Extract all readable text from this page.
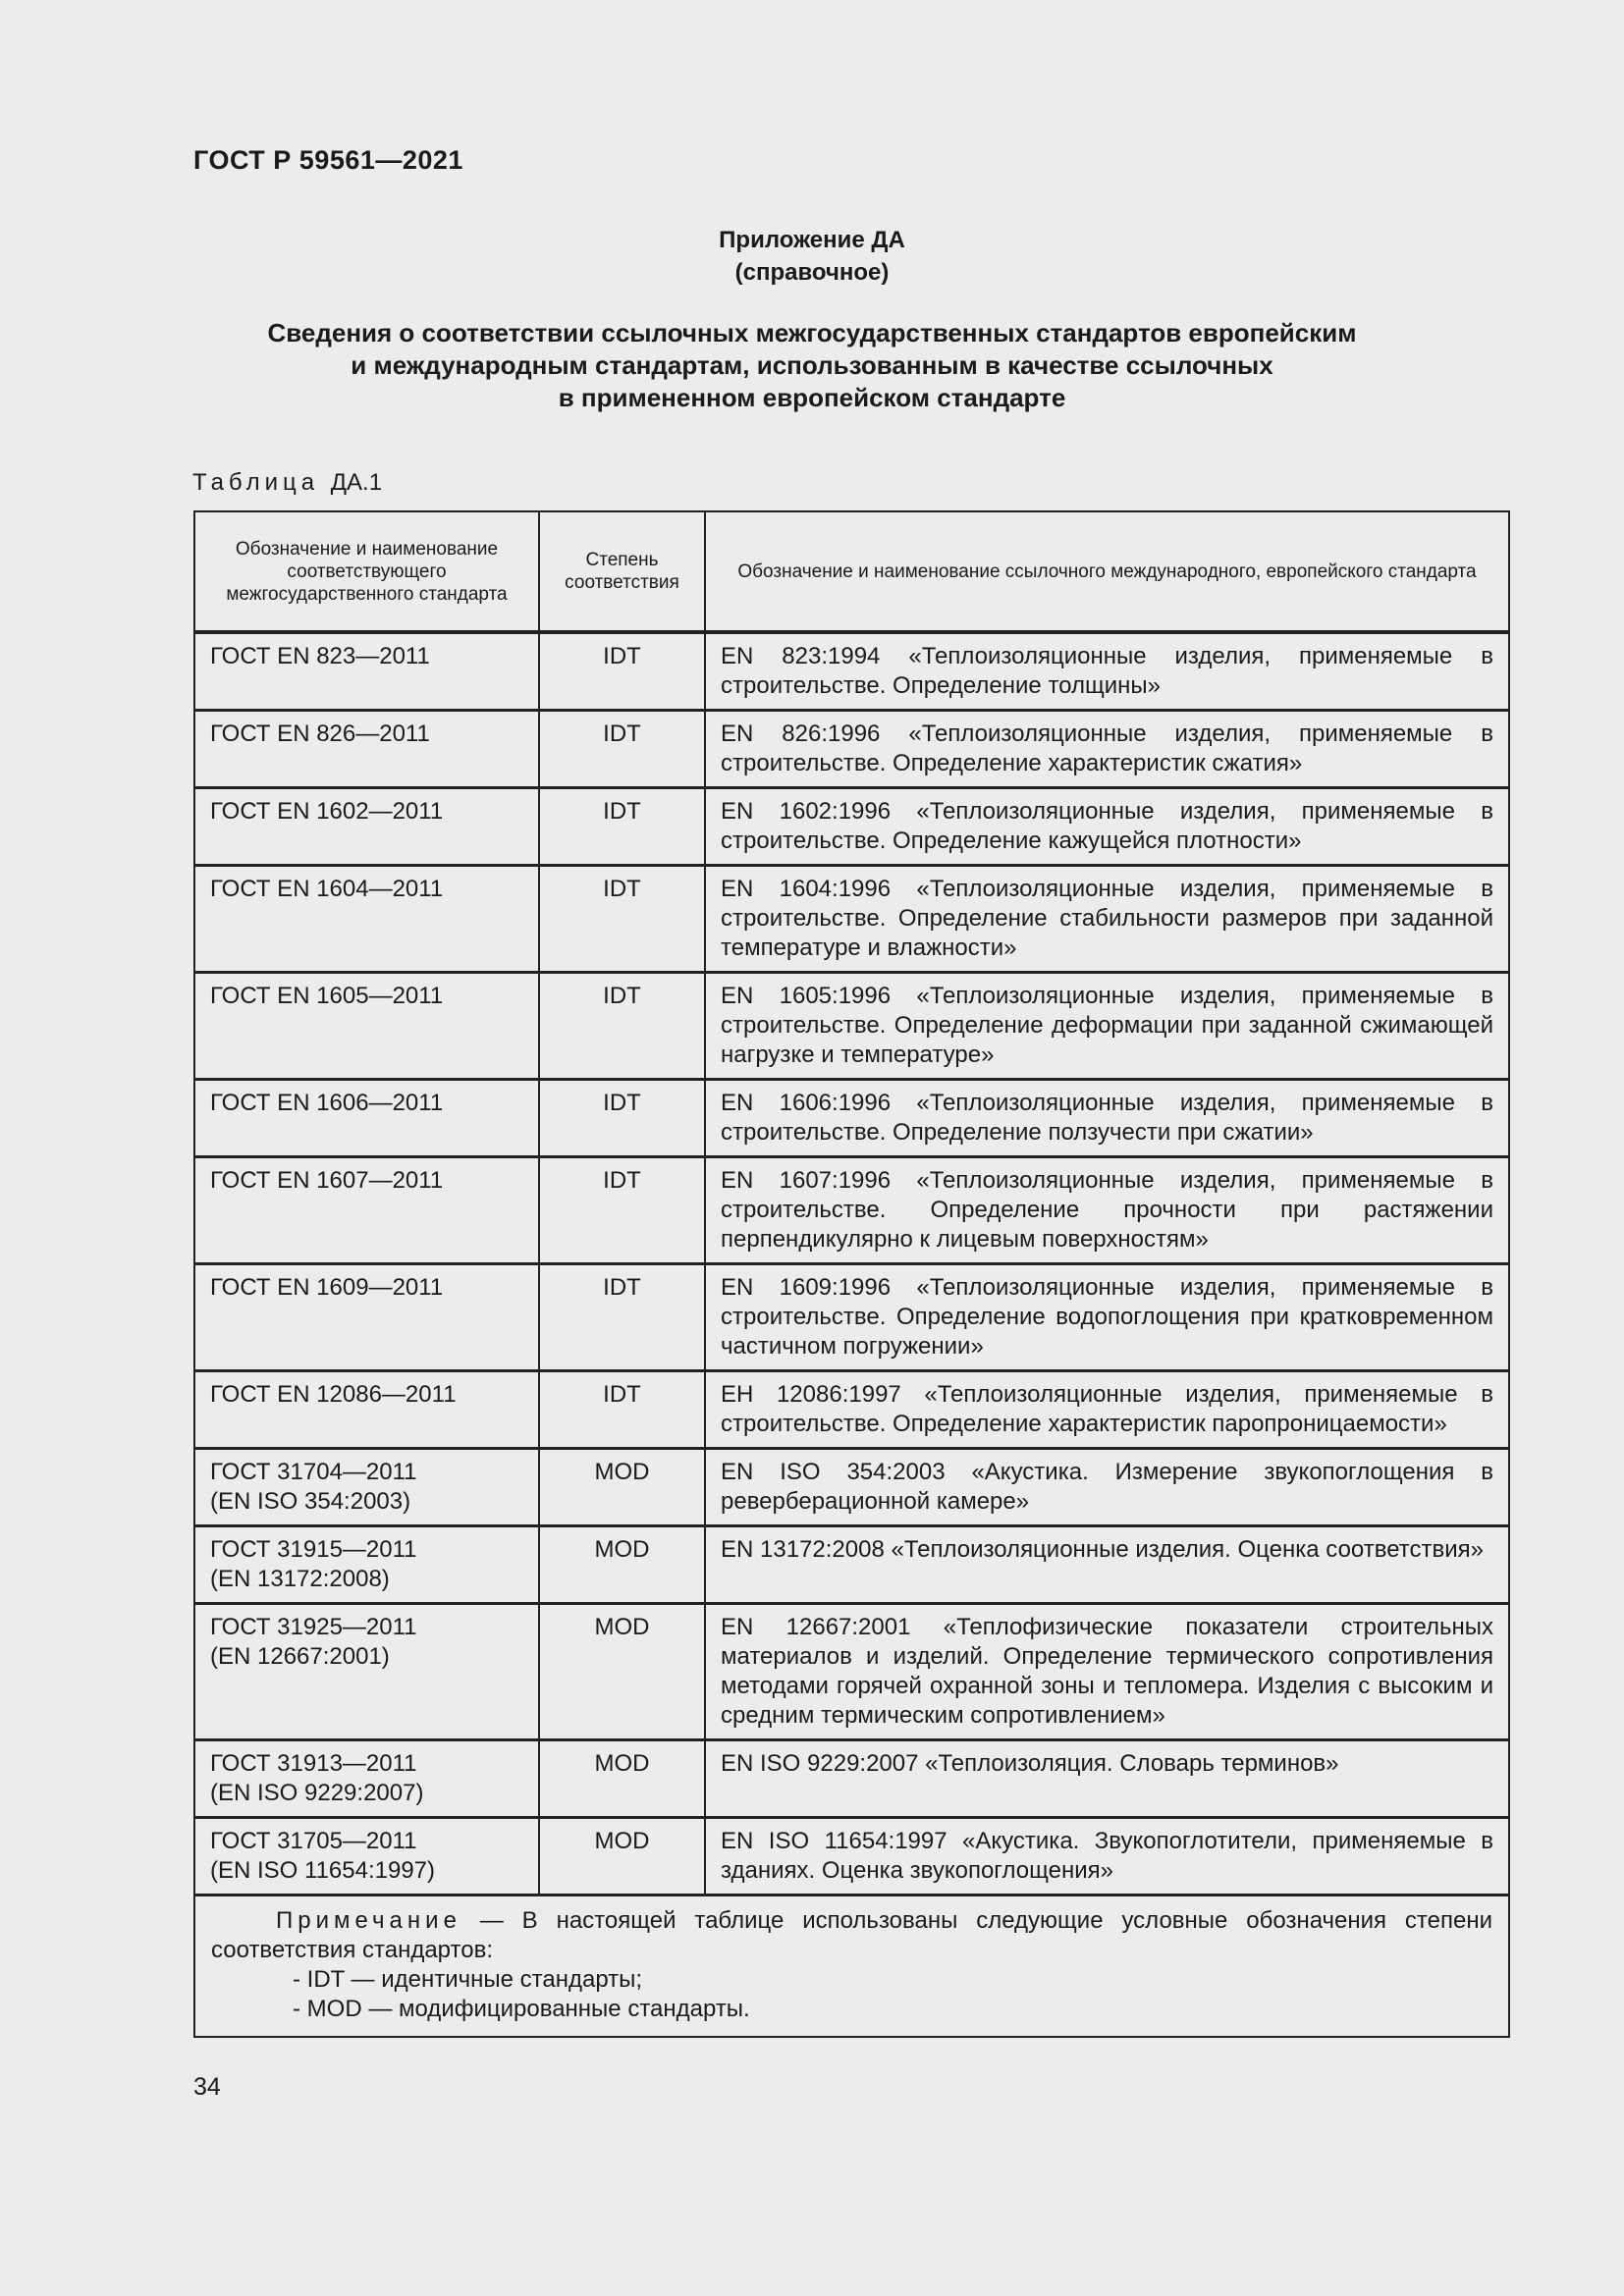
ГОСТ Р 59561—2021
Приложение ДА
(справочное)
Сведения о соответствии ссылочных межгосударственных стандартов европейским
и международным стандартам, использованным в качестве ссылочных
в примененном европейском стандарте
Таблица ДА.1
Обозначение и наименование соответствующего межгосударственного стандарта	Степень соответствия	Обозначение и наименование ссылочного международного, европейского стандарта

ГОСТ EN 823—2011	IDT	EN 823:1994 «Теплоизоляционные изделия, применяемые в строительстве. Определение толщины»

ГОСТ EN 826—2011	IDT	EN 826:1996 «Теплоизоляционные изделия, применяемые в строительстве. Определение характеристик сжатия»

ГОСТ EN 1602—2011	IDT	EN 1602:1996 «Теплоизоляционные изделия, применяемые в строительстве. Определение кажущейся плотности»

ГОСТ EN 1604—2011	IDT	EN 1604:1996 «Теплоизоляционные изделия, применяемые в строительстве. Определение стабильности размеров при заданной температуре и влажности»

ГОСТ EN 1605—2011	IDT	EN 1605:1996 «Теплоизоляционные изделия, применяемые в строительстве. Определение деформации при заданной сжимающей нагрузке и температуре»

ГОСТ EN 1606—2011	IDT	EN 1606:1996 «Теплоизоляционные изделия, применяемые в строительстве. Определение ползучести при сжатии»

ГОСТ EN 1607—2011	IDT	EN 1607:1996 «Теплоизоляционные изделия, применяемые в строительстве. Определение прочности при растяжении перпендикулярно к лицевым поверхностям»

ГОСТ EN 1609—2011	IDT	EN 1609:1996 «Теплоизоляционные изделия, применяемые в строительстве. Определение водопоглощения при кратковременном частичном погружении»

ГОСТ EN 12086—2011	IDT	ЕН 12086:1997 «Теплоизоляционные изделия, применяемые в строительстве. Определение характеристик паропроницаемости»

ГОСТ 31704—2011
(EN ISO 354:2003)	MOD	EN ISO 354:2003 «Акустика. Измерение звукопоглощения в реверберационной камере»

ГОСТ 31915—2011
(EN 13172:2008)	MOD	EN 13172:2008 «Теплоизоляционные изделия. Оценка соответствия»

ГОСТ 31925—2011
(EN 12667:2001)	MOD	EN 12667:2001 «Теплофизические показатели строительных материалов и изделий. Определение термического сопротивления методами горячей охранной зоны и тепломера. Изделия с высоким и средним термическим сопротивлением»

ГОСТ 31913—2011
(EN ISO 9229:2007)	MOD	EN ISO 9229:2007 «Теплоизоляция. Словарь терминов»

ГОСТ 31705—2011
(EN ISO 11654:1997)	MOD	EN ISO 11654:1997 «Акустика. Звукопоглотители, применяемые в зданиях. Оценка звукопоглощения»
Примечание — В настоящей таблице использованы следующие условные обозначения степени соответствия стандартов:
- IDT — идентичные стандарты;
- MOD — модифицированные стандарты.		
34
